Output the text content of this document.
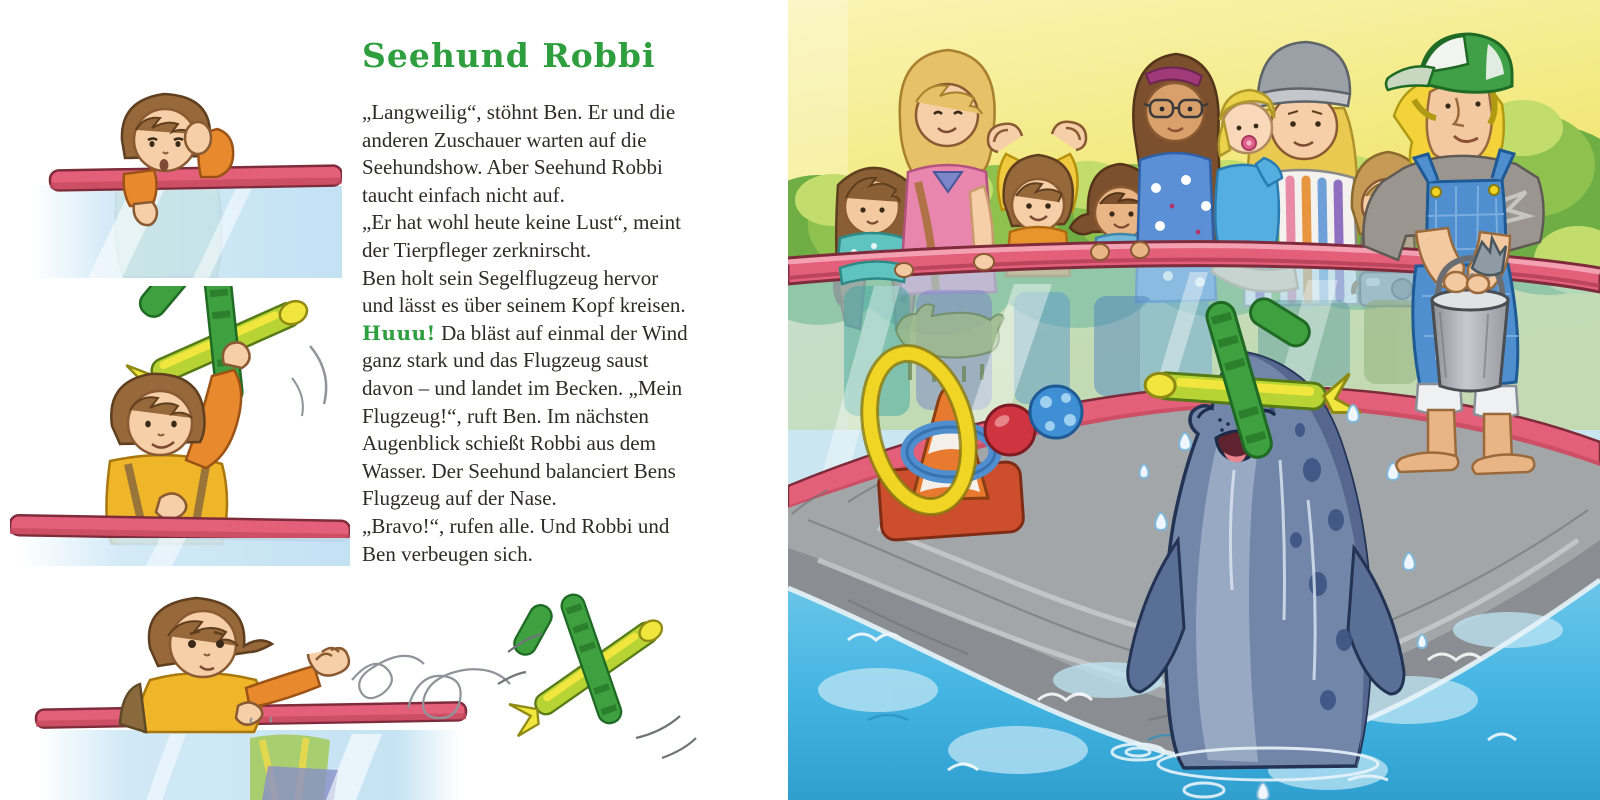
Seehund Robbi
„Langweilig“, stöhnt Ben. Er und die
anderen Zuschauer warten auf die
Seehundshow. Aber Seehund Robbi
taucht einfach nicht auf.
„Er hat wohl heute keine Lust“, meint
der Tierpfleger zerknirscht.
Ben holt sein Segelflugzeug hervor
und lässt es über seinem Kopf kreisen.
Huuu! Da bläst auf einmal der Wind
ganz stark und das Flugzeug saust
davon – und landet im Becken. „Mein
Flugzeug!“, ruft Ben. Im nächsten
Augenblick schießt Robbi aus dem
Wasser. Der Seehund balanciert Bens
Flugzeug auf der Nase.
„Bravo!“, rufen alle. Und Robbi und
Ben verbeugen sich.
